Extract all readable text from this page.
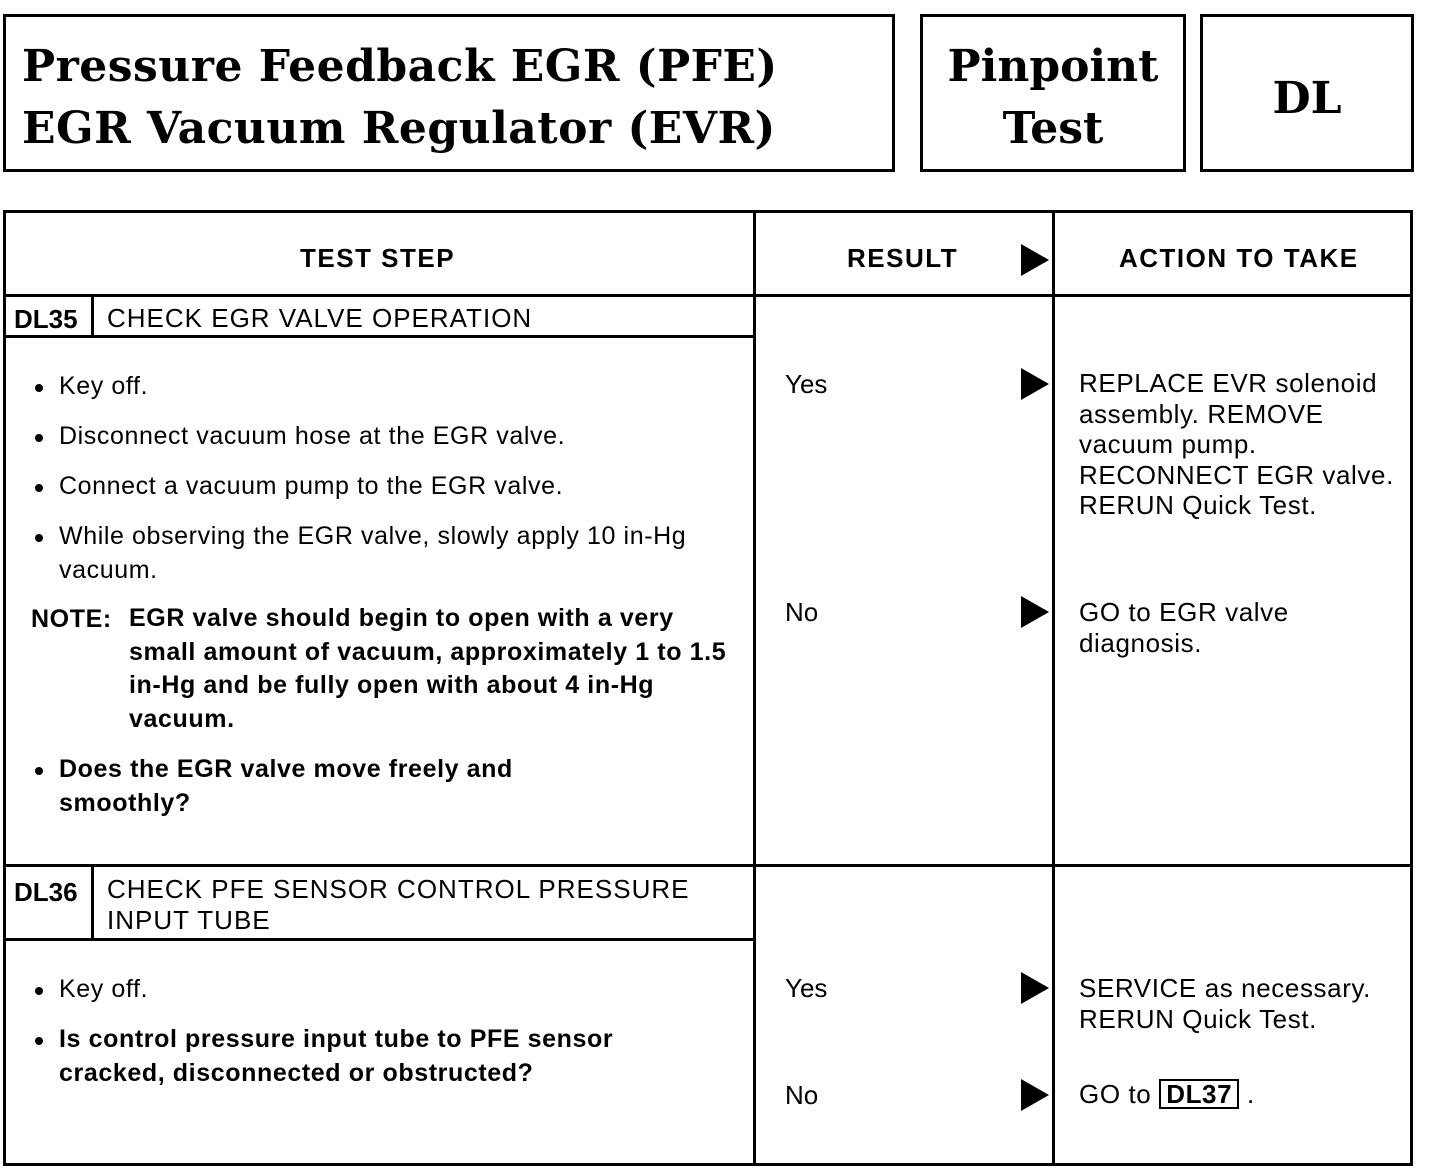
Pressure Feedback EGR (PFE)
EGR Vacuum Regulator (EVR)
Pinpoint
Test
DL
TEST STEP	RESULT	ACTION TO TAKE
DL35 CHECK EGR VALVE OPERATION
Key off.
Disconnect vacuum hose at the EGR valve.
Connect a vacuum pump to the EGR valve.
While observing the EGR valve, slowly apply 10 in-Hg vacuum.
NOTE: EGR valve should begin to open with a very small amount of vacuum, approximately 1 to 1.5 in-Hg and be fully open with about 4 in-Hg vacuum.
Does the EGR valve move freely and smoothly?
Yes	REPLACE EVR solenoid assembly. REMOVE vacuum pump. RECONNECT EGR valve. RERUN Quick Test.
No	GO to EGR valve diagnosis.
DL36 CHECK PFE SENSOR CONTROL PRESSURE INPUT TUBE
Key off.
Is control pressure input tube to PFE sensor cracked, disconnected or obstructed?
Yes	SERVICE as necessary. RERUN Quick Test.
No	GO to DL37 .
